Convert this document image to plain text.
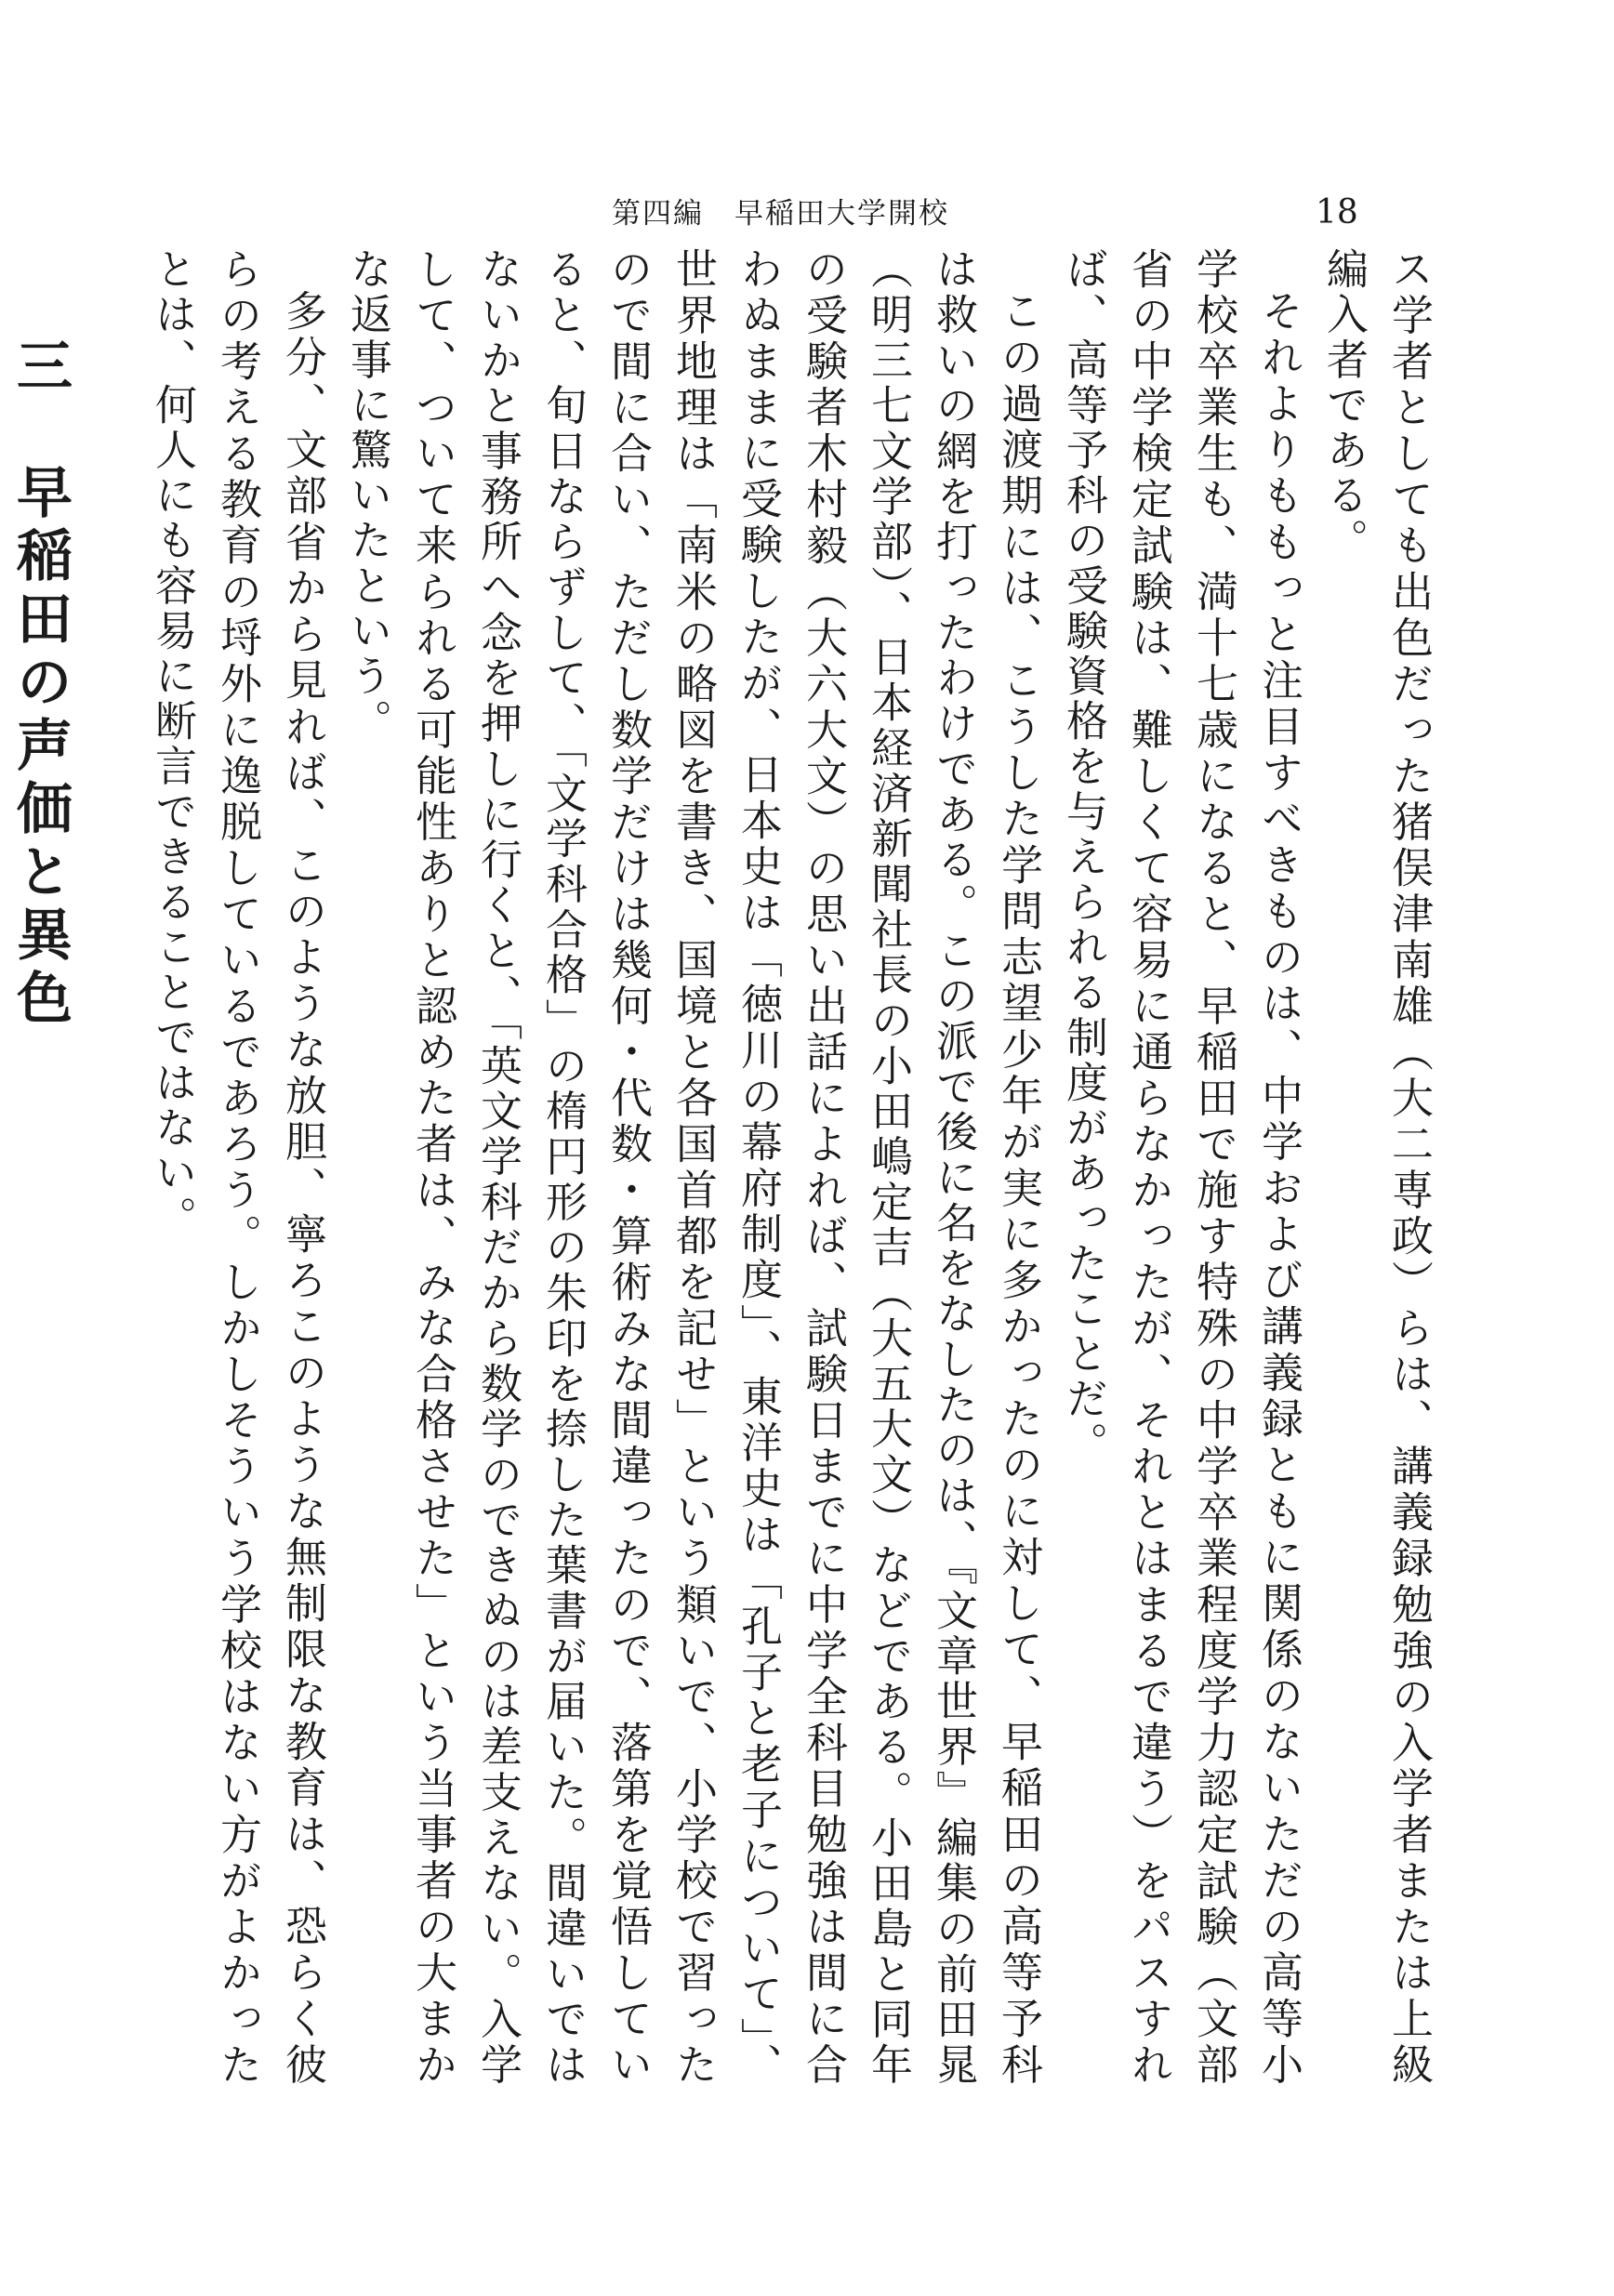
第四編　早稲田大学開校	18

ス学者としても出色だった猪俣津南雄（大二専政）らは、講義録勉強の入学者または上級編入者である。

それよりももっと注目すべきものは、中学および講義録ともに関係のないただの高等小学校卒業生も、満十七歳になると、早稲田で施す特殊の中学卒業程度学力認定試験（文部省の中学検定試験は、難しくて容易に通らなかったが、それとはまるで違う）をパスすれば、高等予科の受験資格を与えられる制度があったことだ。

この過渡期には、こうした学問志望少年が実に多かったのに対して、早稲田の高等予科は救いの網を打ったわけである。この派で後に名をなしたのは、『文章世界』編集の前田晁（明三七文学部）、日本経済新聞社長の小田嶋定吉（大五大文）などである。小田島と同年の受験者木村毅（大六大文）の思い出話によれば、試験日までに中学全科目勉強は間に合わぬままに受験したが、日本史は「徳川の幕府制度」、東洋史は「孔子と老子について」、世界地理は「南米の略図を書き、国境と各国首都を記せ」という類いで、小学校で習ったので間に合い、ただし数学だけは幾何・代数・算術みな間違ったので、落第を覚悟していると、旬日ならずして、「文学科合格」の楕円形の朱印を捺した葉書が届いた。間違いではないかと事務所へ念を押しに行くと、「英文学科だから数学のできぬのは差支えない。入学して、ついて来られる可能性ありと認めた者は、みな合格させた」という当事者の大まかな返事に驚いたという。

多分、文部省から見れば、このような放胆、寧ろこのような無制限な教育は、恐らく彼らの考える教育の埒外に逸脱しているであろう。しかしそういう学校はない方がよかったとは、何人にも容易に断言できることではない。

三　早稲田の声価と異色
